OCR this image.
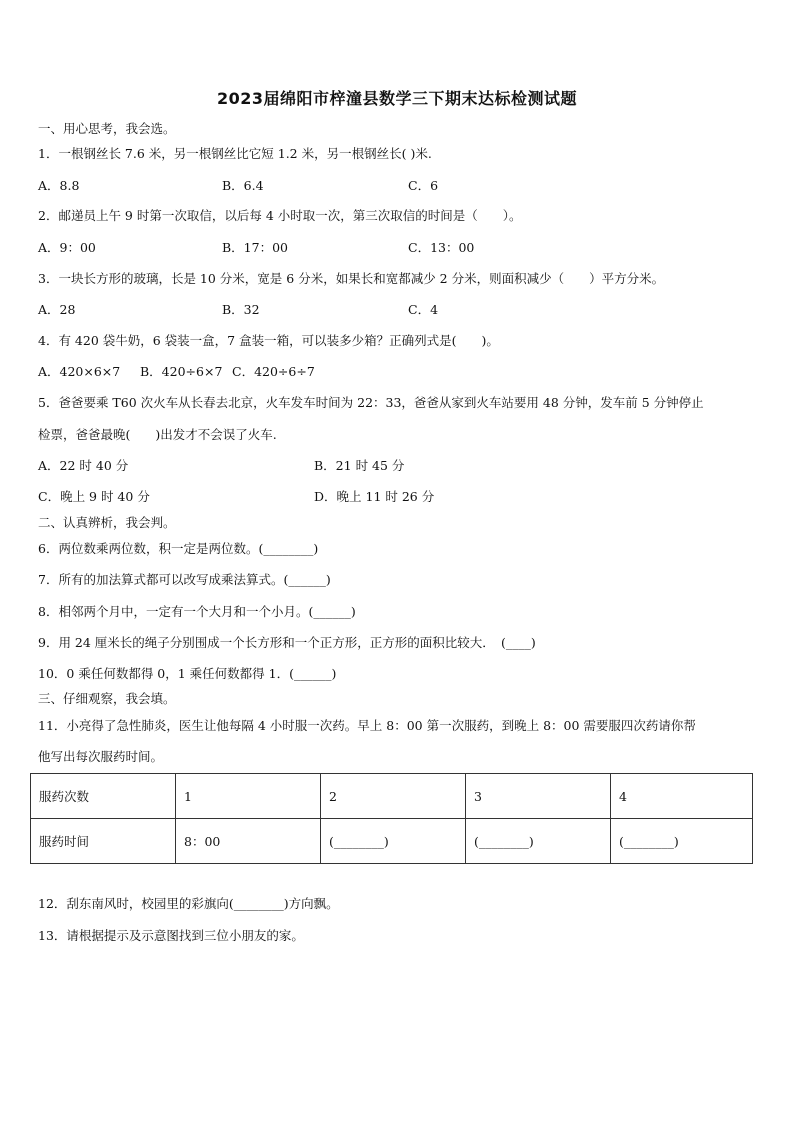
2023届绵阳市梓潼县数学三下期末达标检测试题
一、用心思考，我会选。
1．一根钢丝长 7.6 米，另一根钢丝比它短 1.2 米，另一根钢丝长( )米.
A．8.8	B．6.4	C．6
2．邮递员上午 9 时第一次取信，以后每 4 小时取一次，第三次取信的时间是（　　）。
A．9：00	B．17：00	C．13：00
3．一块长方形的玻璃，长是 10 分米，宽是 6 分米，如果长和宽都减少 2 分米，则面积减少（　　）平方分米。
A．28	B．32	C．4
4．有 420 袋牛奶，6 袋装一盒，7 盒装一箱，可以装多少箱？正确列式是(　　)。
A．420×6×7 B．420÷6×7 C．420÷6÷7
5．爸爸要乘 T60 次火车从长春去北京，火车发车时间为 22：33，爸爸从家到火车站要用 48 分钟，发车前 5 分钟停止
检票，爸爸最晚(　　)出发才不会误了火车.
A．22 时 40 分	B．21 时 45 分
C．晚上 9 时 40 分	D．晚上 11 时 26 分
二、认真辨析，我会判。
6．两位数乘两位数，积一定是两位数。(________)
7．所有的加法算式都可以改写成乘法算式。(______)
8．相邻两个月中，一定有一个大月和一个小月。(______)
9．用 24 厘米长的绳子分别围成一个长方形和一个正方形，正方形的面积比较大．　(____)
10．0 乘任何数都得 0，1 乘任何数都得 1．(______)
三、仔细观察，我会填。
11．小亮得了急性肺炎，医生让他每隔 4 小时服一次药。早上 8：00 第一次服药，到晚上 8：00 需要服四次药请你帮
他写出每次服药时间。
服药次数	1	2	3	4
服药时间	8：00	(________)	(________)	(________)
12．刮东南风时，校园里的彩旗向(________)方向飘。
13．请根据提示及示意图找到三位小朋友的家。
